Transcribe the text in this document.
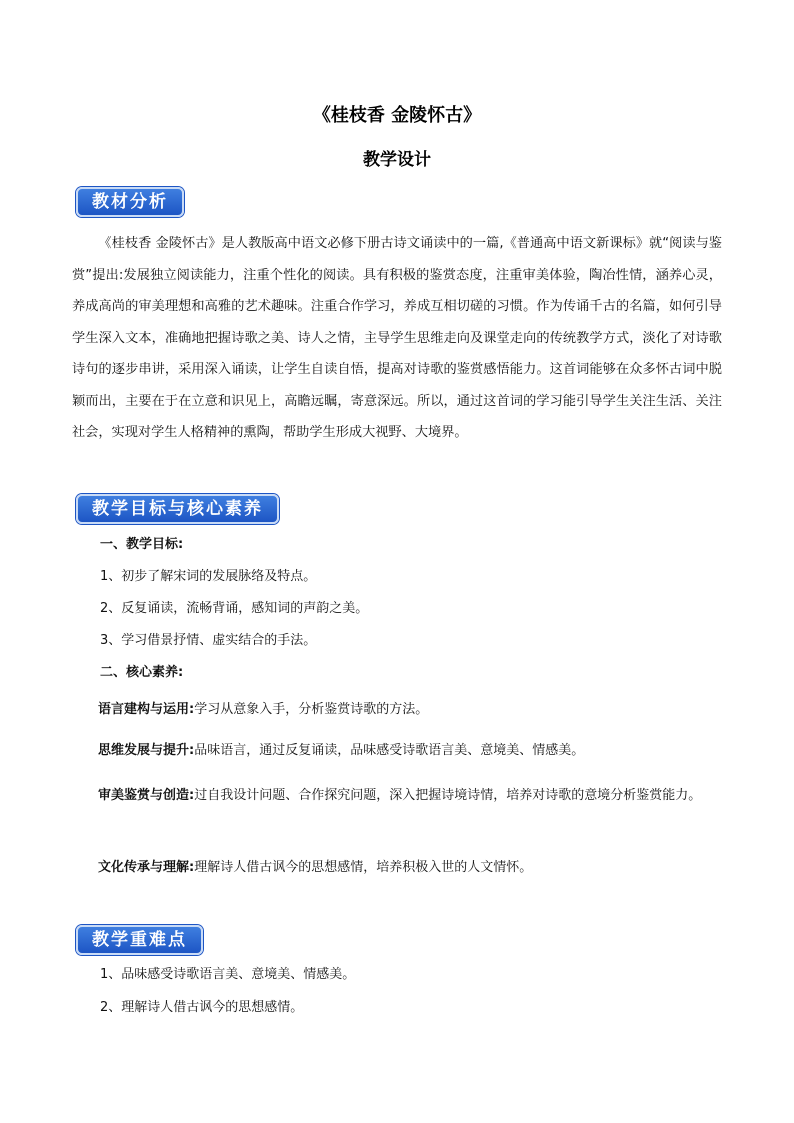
《桂枝香 金陵怀古》
教学设计
教材分析
《桂枝香 金陵怀古》是人教版高中语文必修下册古诗文诵读中的一篇,《普通高中语文新课标》就“阅读与鉴赏”提出:发展独立阅读能力，注重个性化的阅读。具有积极的鉴赏态度，注重审美体验，陶冶性情，涵养心灵，养成高尚的审美理想和高雅的艺术趣味。注重合作学习，养成互相切磋的习惯。作为传诵千古的名篇，如何引导学生深入文本，准确地把握诗歌之美、诗人之情，主导学生思维走向及课堂走向的传统教学方式，淡化了对诗歌诗句的逐步串讲，采用深入诵读，让学生自读自悟，提高对诗歌的鉴赏感悟能力。这首词能够在众多怀古词中脱颖而出，主要在于在立意和识见上，高瞻远瞩，寄意深远。所以，通过这首词的学习能引导学生关注生活、关注社会，实现对学生人格精神的熏陶，帮助学生形成大视野、大境界。
教学目标与核心素养
一、教学目标:
1、初步了解宋词的发展脉络及特点。
2、反复诵读，流畅背诵，感知词的声韵之美。
3、学习借景抒情、虚实结合的手法。
二、核心素养:
语言建构与运用:学习从意象入手，分析鉴赏诗歌的方法。
思维发展与提升:品味语言，通过反复诵读，品味感受诗歌语言美、意境美、情感美。
审美鉴赏与创造:过自我设计问题、合作探究问题，深入把握诗境诗情，培养对诗歌的意境分析鉴赏能力。
文化传承与理解:理解诗人借古讽今的思想感情，培养积极入世的人文情怀。
教学重难点
1、品味感受诗歌语言美、意境美、情感美。
2、理解诗人借古讽今的思想感情。
